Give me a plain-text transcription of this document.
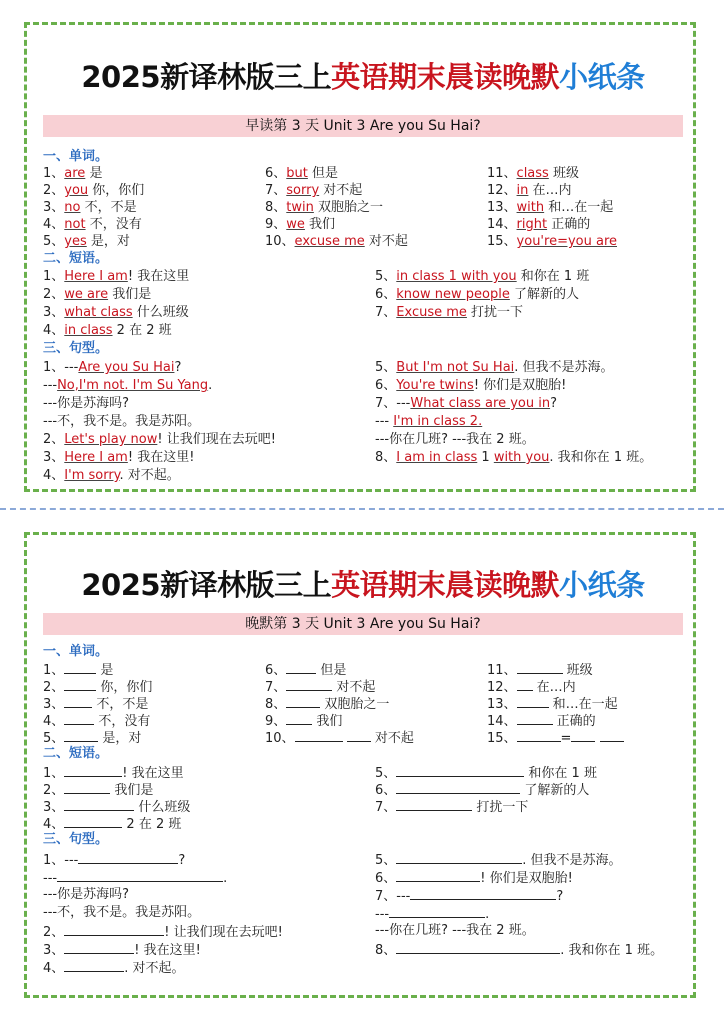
2025新译林版三上英语期末晨读晚默小纸条
早读第 3 天 Unit 3 Are you Su Hai?
一、单词。
1、are 是
2、you 你，你们
3、no 不，不是
4、not 不，没有
5、yes 是，对
6、but 但是
7、sorry 对不起
8、twin 双胞胎之一
9、we 我们
10、excuse me 对不起
11、class 班级
12、in 在…内
13、with 和…在一起
14、right 正确的
15、you're=you are
二、短语。
1、Here I am! 我在这里
2、we are 我们是
3、what class 什么班级
4、in class 2 在 2 班
5、in class 1 with you 和你在 1 班
6、know new people 了解新的人
7、Excuse me 打扰一下
三、句型。
1、---Are you Su Hai?
---No,I'm not. I'm Su Yang.
---你是苏海吗?
---不，我不是。我是苏阳。
2、Let's play now! 让我们现在去玩吧!
3、Here I am! 我在这里!
4、I'm sorry. 对不起。
5、But I'm not Su Hai. 但我不是苏海。
6、You're twins! 你们是双胞胎!
7、---What class are you in?
--- I'm in class 2.
---你在几班? ---我在 2 班。
8、I am in class 1 with you. 我和你在 1 班。
2025新译林版三上英语期末晨读晚默小纸条
晚默第 3 天 Unit 3 Are you Su Hai?
一、单词。
1、 是
2、 你，你们
3、 不，不是
4、 不，没有
5、	是，对
6、 但是
7、	对不起
8、	双胞胎之一
9、 我们
10、	对不起
11、	班级
12、 在…内
13、 和…在一起
14、	正确的
15、	=
二、短语。
1、	! 我在这里
2、	我们是
3、	什么班级
4、	2 在 2 班
5、	和你在 1 班
6、	了解新的人
7、	打扰一下
三、句型。
1、---	?
---	.
---你是苏海吗?
---不，我不是。我是苏阳。
2、	! 让我们现在去玩吧!
3、	! 我在这里!
4、	. 对不起。
5、	. 但我不是苏海。
6、	! 你们是双胞胎!
7、---	?
---	.
---你在几班? ---我在 2 班。
8、	. 我和你在 1 班。
